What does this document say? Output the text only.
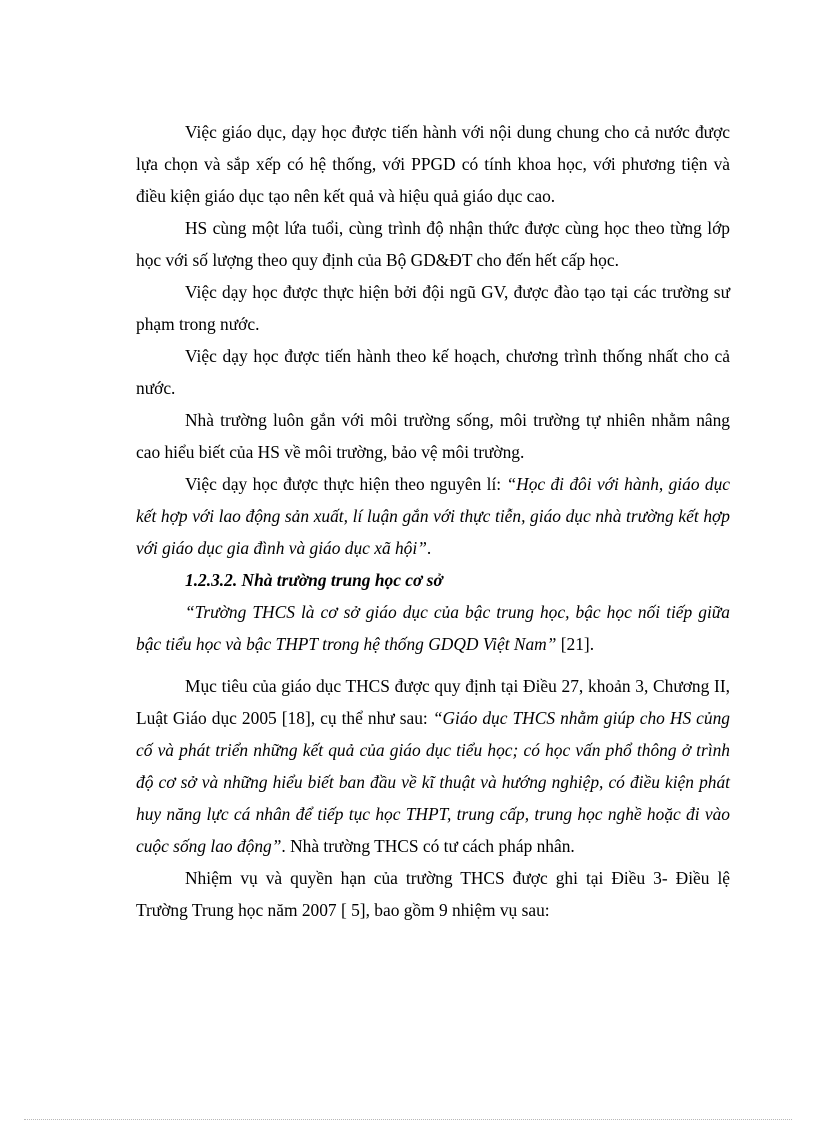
Việc giáo dục, dạy học được tiến hành với nội dung chung cho cả nước được lựa chọn và sắp xếp có hệ thống, với PPGD có tính khoa học, với phương tiện và điều kiện giáo dục tạo nên kết quả và hiệu quả giáo dục cao.

HS cùng một lứa tuổi, cùng trình độ nhận thức được cùng học theo từng lớp học với số lượng theo quy định của Bộ GD&ĐT cho đến hết cấp học.

Việc dạy học được thực hiện bởi đội ngũ GV, được đào tạo tại các trường sư phạm trong nước.

Việc dạy học được tiến hành theo kế hoạch, chương trình thống nhất cho cả nước.

Nhà trường luôn gắn với môi trường sống, môi trường tự nhiên nhằm nâng cao hiểu biết của HS về môi trường, bảo vệ môi trường.

Việc dạy học được thực hiện theo nguyên lí: “Học đi đôi với hành, giáo dục kết hợp với lao động sản xuất, lí luận gắn với thực tiễn, giáo dục nhà trường kết hợp với giáo dục gia đình và giáo dục xã hội”.

1.2.3.2. Nhà trường trung học cơ sở

“Trường THCS là cơ sở giáo dục của bậc trung học, bậc học nối tiếp giữa bậc tiểu học và bậc THPT trong hệ thống GDQD Việt Nam” [21].

Mục tiêu của giáo dục THCS được quy định tại Điều 27, khoản 3, Chương II, Luật Giáo dục 2005 [18], cụ thể như sau: “Giáo dục THCS nhằm giúp cho HS củng cố và phát triển những kết quả của giáo dục tiểu học; có học vấn phổ thông ở trình độ cơ sở và những hiểu biết ban đầu về kĩ thuật và hướng nghiệp, có điều kiện phát huy năng lực cá nhân để tiếp tục học THPT, trung cấp, trung học nghề hoặc đi vào cuộc sống lao động”. Nhà trường THCS có tư cách pháp nhân.

Nhiệm vụ và quyền hạn của trường THCS được ghi tại Điều 3- Điều lệ Trường Trung học năm 2007 [ 5], bao gồm 9 nhiệm vụ sau:
